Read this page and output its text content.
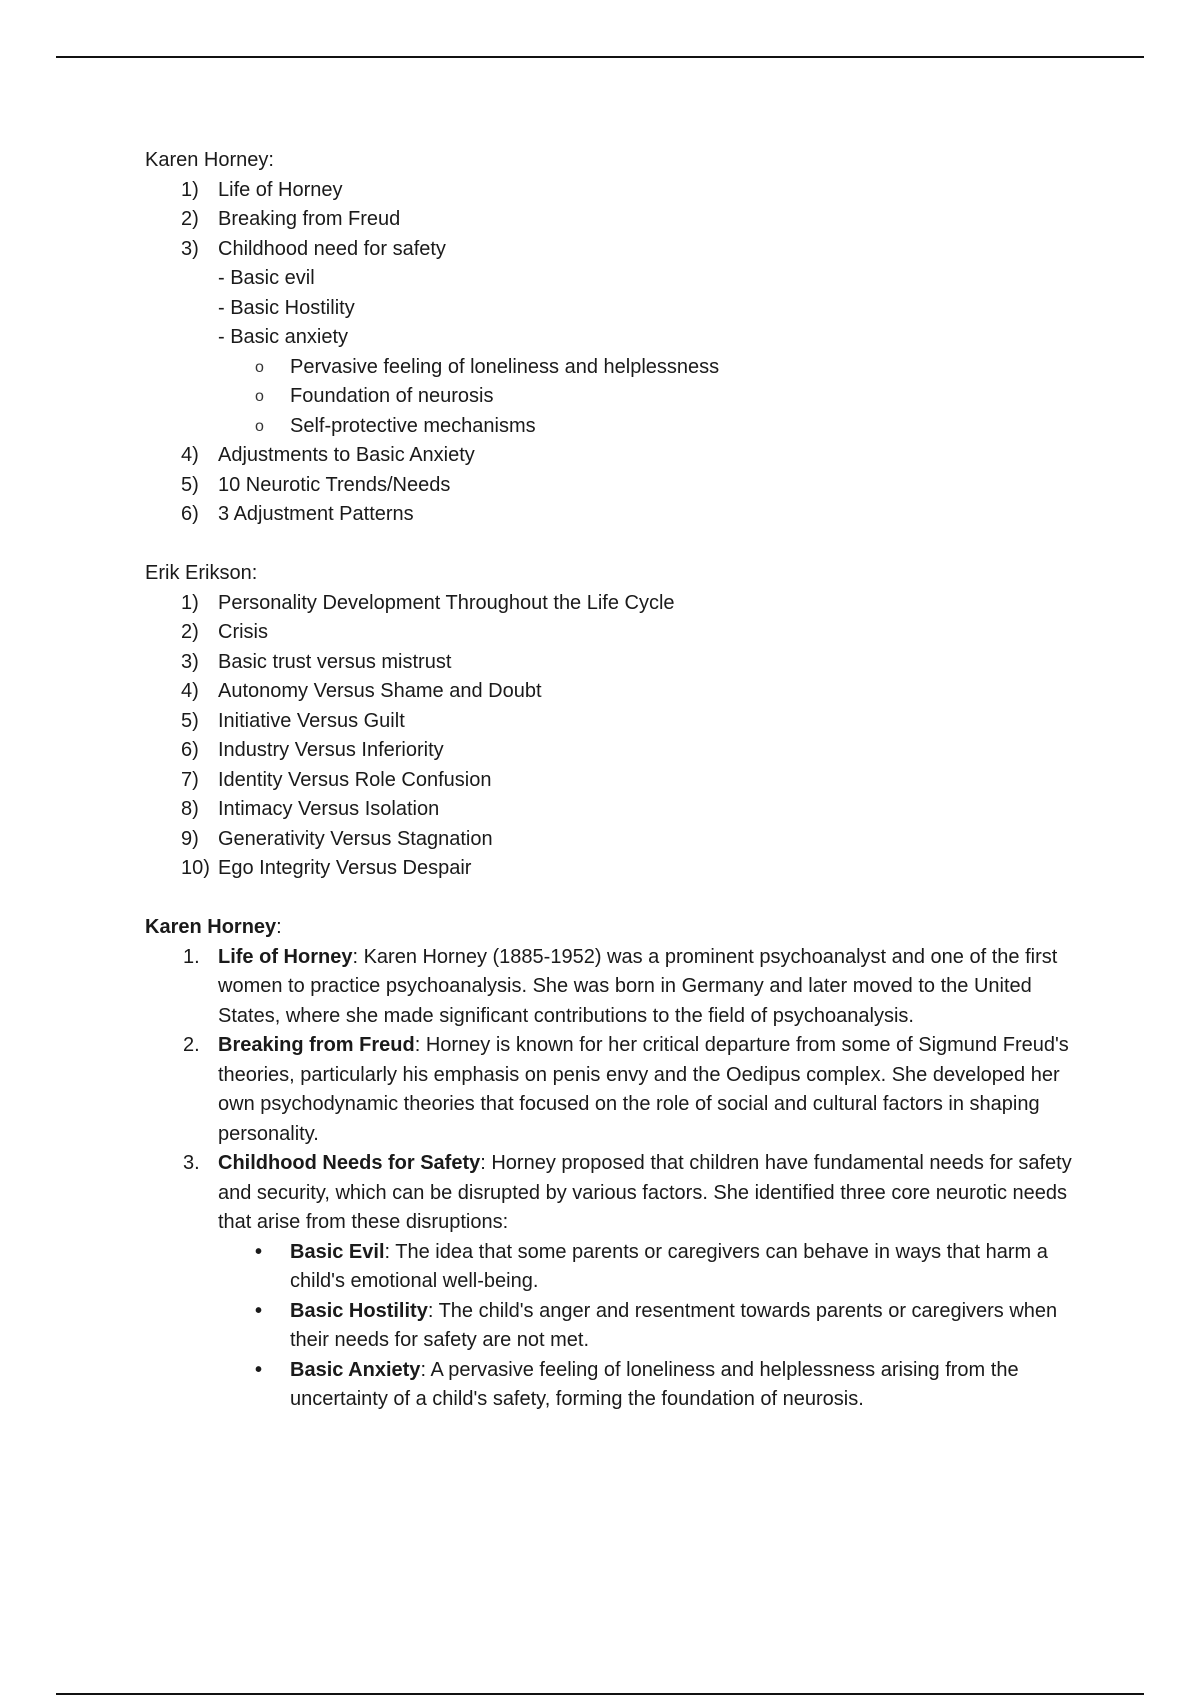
Karen Horney:

1) Life of Horney
2) Breaking from Freud
3) Childhood need for safety
- Basic evil
- Basic Hostility
- Basic anxiety
o	Pervasive feeling of loneliness and helplessness
o	Foundation of neurosis
o	Self-protective mechanisms
4) Adjustments to Basic Anxiety
5) 10 Neurotic Trends/Needs
6) 3 Adjustment Patterns

Erik Erikson:

1) Personality Development Throughout the Life Cycle
2) Crisis
3) Basic trust versus mistrust
4) Autonomy Versus Shame and Doubt
5) Initiative Versus Guilt
6) Industry Versus Inferiority
7) Identity Versus Role Confusion
8) Intimacy Versus Isolation
9) Generativity Versus Stagnation
10) Ego Integrity Versus Despair

Karen Horney:

1. Life of Horney: Karen Horney (1885-1952) was a prominent psychoanalyst and one of the first women to practice psychoanalysis. She was born in Germany and later moved to the United States, where she made significant contributions to the field of psychoanalysis.
2. Breaking from Freud: Horney is known for her critical departure from some of Sigmund Freud's theories, particularly his emphasis on penis envy and the Oedipus complex. She developed her own psychodynamic theories that focused on the role of social and cultural factors in shaping personality.
3. Childhood Needs for Safety: Horney proposed that children have fundamental needs for safety and security, which can be disrupted by various factors. She identified three core neurotic needs that arise from these disruptions:
•	Basic Evil: The idea that some parents or caregivers can behave in ways that harm a child's emotional well-being.
•	Basic Hostility: The child's anger and resentment towards parents or caregivers when their needs for safety are not met.
•	Basic Anxiety: A pervasive feeling of loneliness and helplessness arising from the uncertainty of a child's safety, forming the foundation of neurosis.
